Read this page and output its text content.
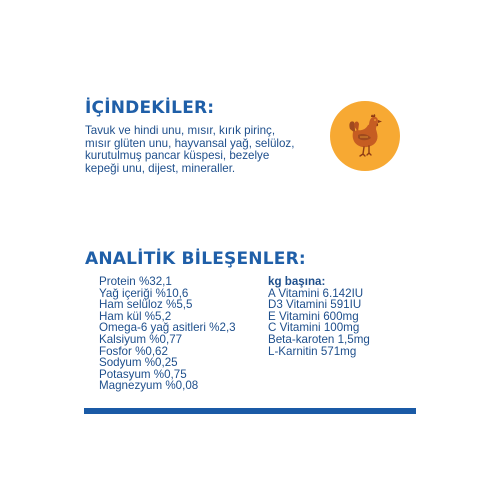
İÇİNDEKİLER:
Tavuk ve hindi unu, mısır, kırık pirinç,
mısır glüten unu, hayvansal yağ, selüloz,
kurutulmuş pancar küspesi, bezelye
kepeği unu, dijest, mineraller.
ANALİTİK BİLEŞENLER:
Protein %32,1
Yağ içeriği %10,6
Ham selüloz %5,5
Ham kül %5,2
Omega-6 yağ asitleri %2,3
Kalsiyum %0,77
Fosfor %0,62
Sodyum %0,25
Potasyum %0,75
Magnezyum %0,08
kg başına:
A Vitamini 6.142IU
D3 Vitamini 591IU
E Vitamini 600mg
C Vitamini 100mg
Beta-karoten 1,5mg
L-Karnitin 571mg
